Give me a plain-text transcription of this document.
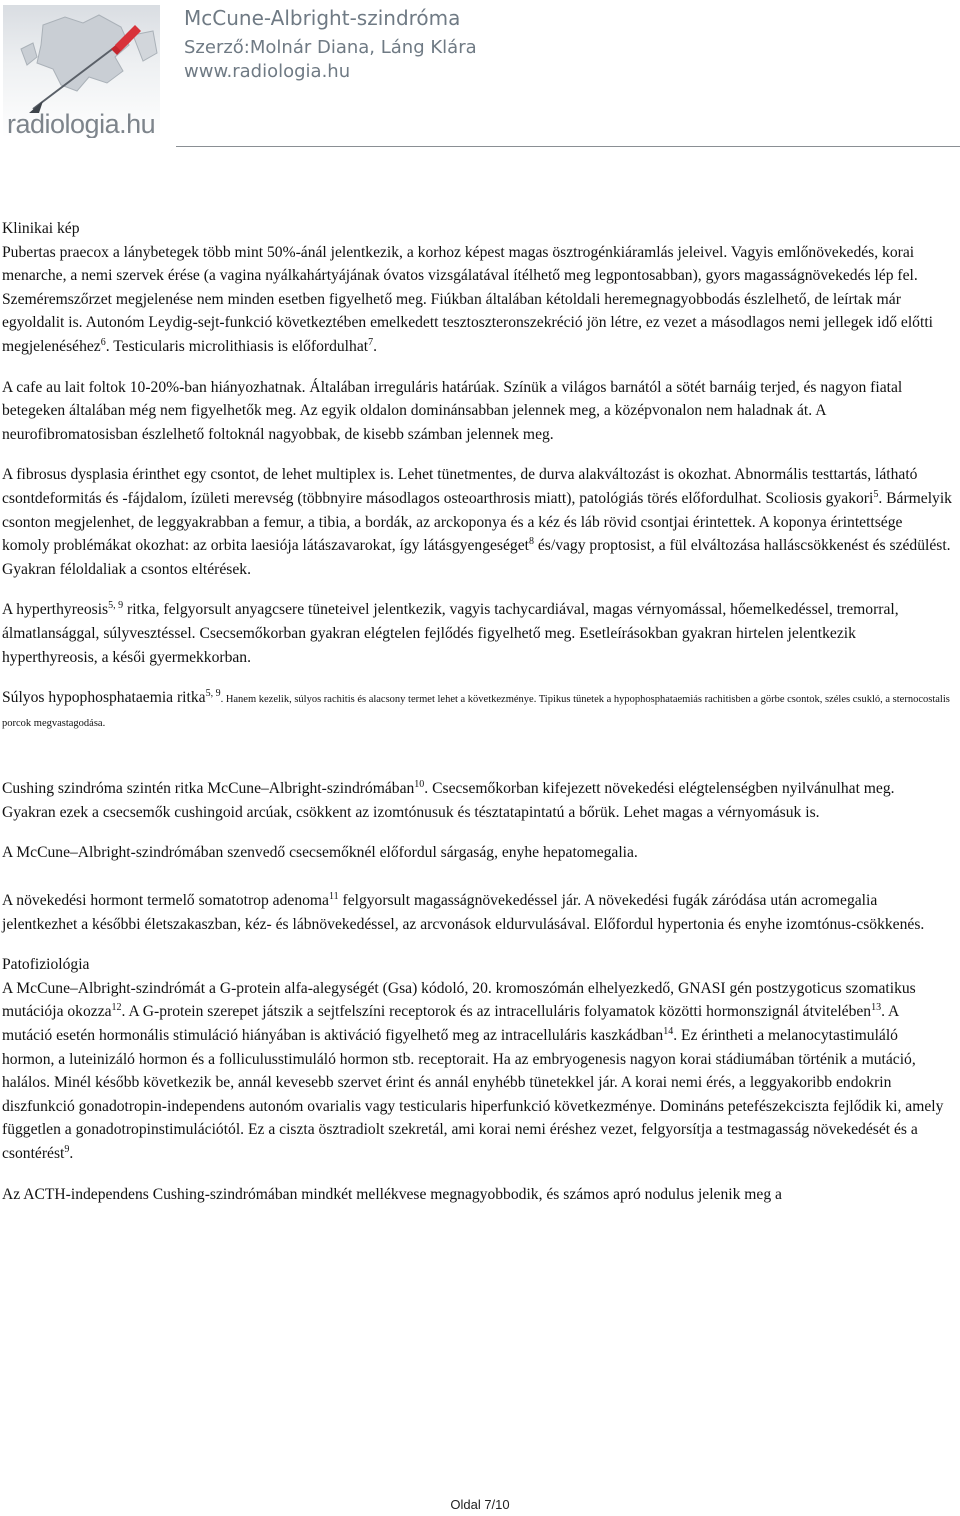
radiologia.hu

McCune-Albright-szindróma

Szerző:Molnár Diana, Láng Klára

www.radiologia.hu

Klinikai kép

Pubertas praecox a lánybetegek több mint 50%-ánál jelentkezik, a korhoz képest magas ösztrogénkiáramlás jeleivel. Vagyis emlőnövekedés, korai menarche, a nemi szervek érése (a vagina nyálkahártyájának óvatos vizsgálatával ítélhető meg legpontosabban), gyors magasságnövekedés lép fel. Szeméremszőrzet megjelenése nem minden esetben figyelhető meg. Fiúkban általában kétoldali heremegnagyobbodás észlelhető, de leírtak már egyoldalit is. Autonóm Leydig-sejt-funkció következtében emelkedett tesztoszteronszekréció jön létre, ez vezet a másodlagos nemi jellegek idő előtti megjelenéséhez$^6$. Testicularis microlithiasis is előfordulhat$^7$.

A cafe au lait foltok 10-20%-ban hiányozhatnak. Általában irreguláris határúak. Színük a világos barnától a sötét barnáig terjed, és nagyon fiatal betegeken általában még nem figyelhetők meg. Az egyik oldalon dominánsabban jelennek meg, a középvonalon nem haladnak át. A neurofibromatosisban észlelhető foltoknál nagyobbak, de kisebb számban jelennek meg.

A fibrosus dysplasia érinthet egy csontot, de lehet multiplex is. Lehet tünetmentes, de durva alakváltozást is okozhat. Abnormális testtartás, látható csontdeformitás és -fájdalom, ízületi merevség (többnyire másodlagos osteoarthrosis miatt), patológiás törés előfordulhat. Scoliosis gyakori$^5$. Bármelyik csonton megjelenhet, de leggyakrabban a femur, a tibia, a bordák, az arckoponya és a kéz és láb rövid csontjai érintettek. A koponya érintettsége komoly problémákat okozhat: az orbita laesiója látászavarokat, így látásgyengeséget$^8$ és/vagy proptosist, a fül elváltozása halláscsökkenést és szédülést. Gyakran féloldaliak a csontos eltérések.

A hyperthyreosis$^{5, 9}$ ritka, felgyorsult anyagcsere tüneteivel jelentkezik, vagyis tachycardiával, magas vérnyomással, hőemelkedéssel, tremorral, álmatlansággal, súlyvesztéssel. Csecsemőkorban gyakran elégtelen fejlődés figyelhető meg. Esetleírásokban gyakran hirtelen jelentkezik hyperthyreosis, a késői gyermekkorban.

Súlyos hypophosphataemia ritka$^{5, 9}$. Hanem kezelik, súlyos rachitis és alacsony termet lehet a következménye. Tipikus tünetek a hypophosphataemiás rachitisben a görbe csontok, széles csukló, a sternocostalis porcok megvastagodása.

Cushing szindróma szintén ritka McCune–Albright-szindrómában$^{10}$. Csecsemőkorban kifejezett növekedési elégtelenségben nyilvánulhat meg. Gyakran ezek a csecsemők cushingoid arcúak, csökkent az izomtónusuk és tésztatapintatú a bőrük. Lehet magas a vérnyomásuk is.

A McCune–Albright-szindrómában szenvedő csecsemőknél előfordul sárgaság, enyhe hepatomegalia.

A növekedési hormont termelő somatotrop adenoma$^{11}$ felgyorsult magasságnövekedéssel jár. A növekedési fugák záródása után acromegalia jelentkezhet a későbbi életszakaszban, kéz- és lábnövekedéssel, az arcvonások eldurvulásával. Előfordul hypertonia és enyhe izomtónus-csökkenés.

Patofiziológia

A McCune–Albright-szindrómát a G-protein alfa-alegységét (Gsa) kódoló, 20. kromoszómán elhelyezkedő, GNASI gén postzygoticus szomatikus mutációja okozza$^{12}$. A G-protein szerepet játszik a sejtfelszíni receptorok és az intracelluláris folyamatok közötti hormonszignál átvitelében$^{13}$. A mutáció esetén hormonális stimuláció hiányában is aktiváció figyelhető meg az intracelluláris kaszkádban$^{14}$. Ez érintheti a melanocytastimuláló hormon, a luteinizáló hormon és a folliculusstimuláló hormon stb. receptorait. Ha az embryogenesis nagyon korai stádiumában történik a mutáció, halálos. Minél később következik be, annál kevesebb szervet érint és annál enyhébb tünetekkel jár. A korai nemi érés, a leggyakoribb endokrin diszfunkció gonadotropin-independens autonóm ovarialis vagy testicularis hiperfunkció következménye. Domináns petefészekciszta fejlődik ki, amely független a gonadotropinstimulációtól. Ez a ciszta ösztradiolt szekretál, ami korai nemi éréshez vezet, felgyorsítja a testmagasság növekedését és a csontérést$^9$.

Az ACTH-independens Cushing-szindrómában mindkét mellékvese megnagyobbodik, és számos apró nodulus jelenik meg a

Oldal 7/10
